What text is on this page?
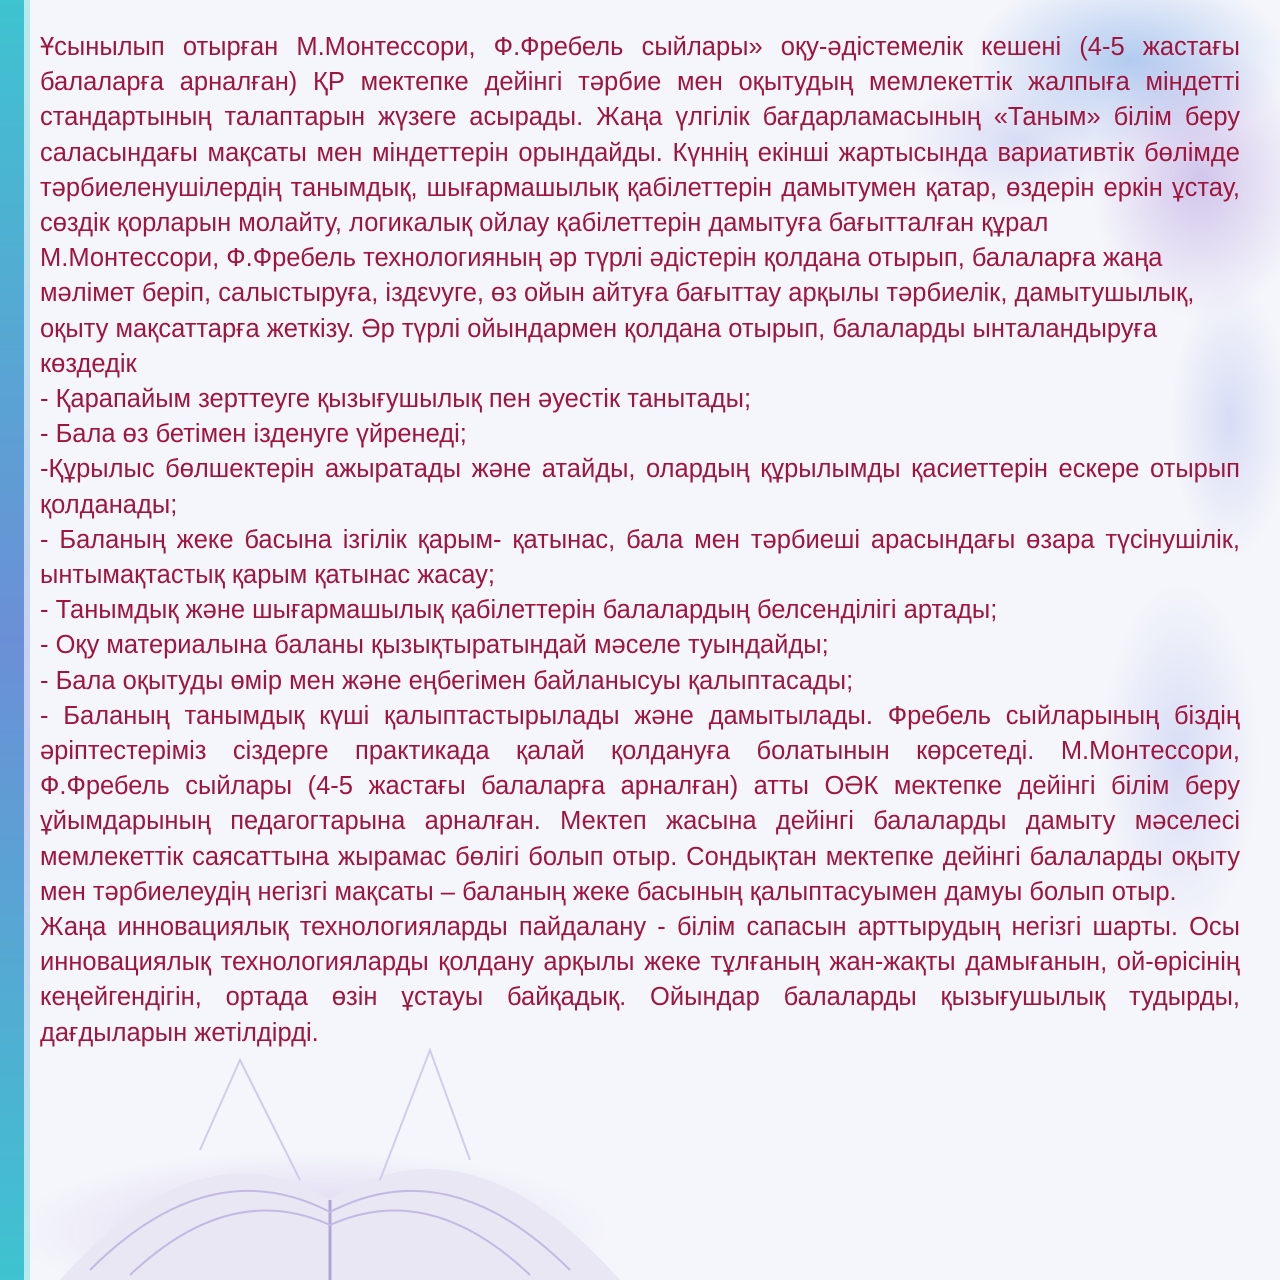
Ұсынылып отырған М.Монтессори, Ф.Фребель сыйлары» оқу-әдістемелік кешені (4-5 жастағы балаларға арналған) ҚР мектепке дейінгі тәрбие мен оқытудың мемлекеттік жалпыға міндетті стандартының талаптарын жүзеге асырады. Жаңа үлгілік бағдарламасының «Таным» білім беру саласындағы мақсаты мен міндеттерін орындайды. Күннің екінші жартысында вариативтік бөлімде тәрбиеленушілердің танымдық, шығармашылық қабілеттерін дамытумен қатар, өздерін еркін ұстау, сөздік қорларын молайту, логикалық ойлау қабілеттерін дамытуға бағытталған құрал

М.Монтессори, Ф.Фребель технологияның әр түрлі әдістерін қолдана отырып, балаларға жаңа мәлімет беріп, салыстыруға, іздενуге, өз ойын айтуға бағыттау арқылы тәрбиелік, дамытушылық, оқыту мақсаттарға жеткізу. Әр түрлі ойындармен қолдана отырып, балаларды ынталандыруға көздедік

- Қарапайым зерттеуге қызығушылық пен әуестік танытады;

- Бала өз бетімен ізденуге үйренеді;

-Құрылыс бөлшектерін ажыратады және атайды, олардың құрылымды қасиеттерін ескере отырып қолданады;

- Баланың жеке басына ізгілік қарым- қатынас, бала мен тәрбиеші арасындағы өзара түсінушілік, ынтымақтастық қарым қатынас жасау;

- Танымдық және шығармашылық қабілеттерін балалардың белсенділігі артады;

- Оқу материалына баланы қызықтыратындай мәселе туындайды;

- Бала оқытуды өмір мен және еңбегімен байланысуы қалыптасады;

- Баланың танымдық күші қалыптастырылады және дамытылады. Фребель сыйларының біздің әріптестеріміз сіздерге практикада қалай қолдануға болатынын көрсетеді. М.Монтессори, Ф.Фребель сыйлары (4-5 жастағы балаларға арналған) атты ОӘК мектепке дейінгі білім беру ұйымдарының педагогтарына арналған. Мектеп жасына дейінгі балаларды дамыту мәселесі мемлекеттік саясаттына жырамас бөлігі болып отыр. Сондықтан мектепке дейінгі балаларды оқыту мен тәрбиелеудің негізгі мақсаты – баланың жеке басының қалыптасуымен дамуы болып отыр.

Жаңа инновациялық технологияларды пайдалану - білім сапасын арттырудың негізгі шарты. Осы инновациялық технологияларды қолдану арқылы жеке тұлғаның жан-жақты дамығанын, ой-өрісінің кеңейгендігін, ортада өзін ұстауы байқадық. Ойындар балаларды қызығушылық тудырды, дағдыларын жетілдірді.
